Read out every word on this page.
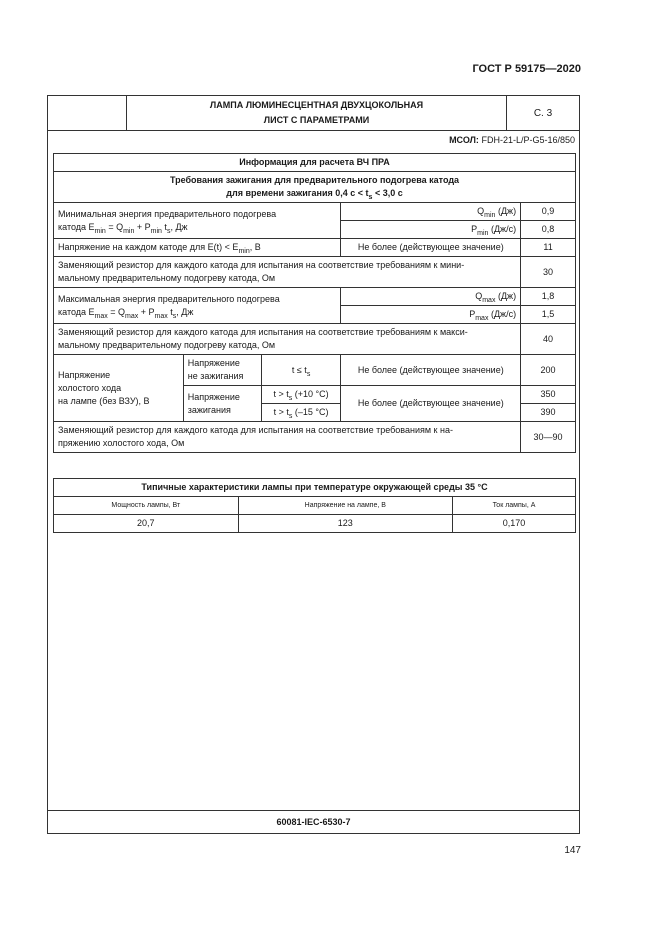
ГОСТ Р 59175—2020
ЛАМПА ЛЮМИНЕСЦЕНТНАЯ ДВУХЦОКОЛЬНАЯ
ЛИСТ С ПАРАМЕТРАМИ
С. 3
МСОЛ: FDH-21-L/P-G5-16/850
Информация для расчета ВЧ ПРА				
Требования зажигания для предварительного подогрева катода
для времени зажигания 0,4 $с < t_s < 3,0$ с				
Минимальная энергия предварительного подогрева
катода $E_{min} = Q_{min} + P_{min}$ $t_s$, Дж			$Q_{min}$ (Дж)	0,9
			$P_{min}$ (Дж/с)	0,8
Напряжение на каждом катоде для $E(t) < E_{min}$, В			Не более (действующее значение)	11
Заменяющий резистор для каждого катода для испытания на соответствие требованиям к мини-
мальному предварительному подогреву катода, Ом				30
Максимальная энергия предварительного подогрева
катода $E_{max} = Q_{max} + P_{max}$ $t_s$, Дж			$Q_{max}$ (Дж)	1,8
			$P_{max}$ (Дж/с)	1,5
Заменяющий резистор для каждого катода для испытания на соответствие требованиям к макси-
мальному предварительному подогреву катода, Ом				40
Напряжение
холостого хода
на лампе (без ВЗУ), В	Напряжение
не зажигания	$t \le t_s$	Не более (действующее значение)	200
	Напряжение
зажигания	$t > t_s$ (+10 °C)	Не более (действующее значение)	350
		$t > t_s$ (–15 °C)		390
Заменяющий резистор для каждого катода для испытания на соответствие требованиям к на-
пряжению холостого хода, Ом				30—90
Типичные характеристики лампы при температуре окружающей среды 35 °C		
Мощность лампы, Вт	Напряжение на лампе, В	Ток лампы, А
20,7	123	0,170
60081-IEC-6530-7
147
